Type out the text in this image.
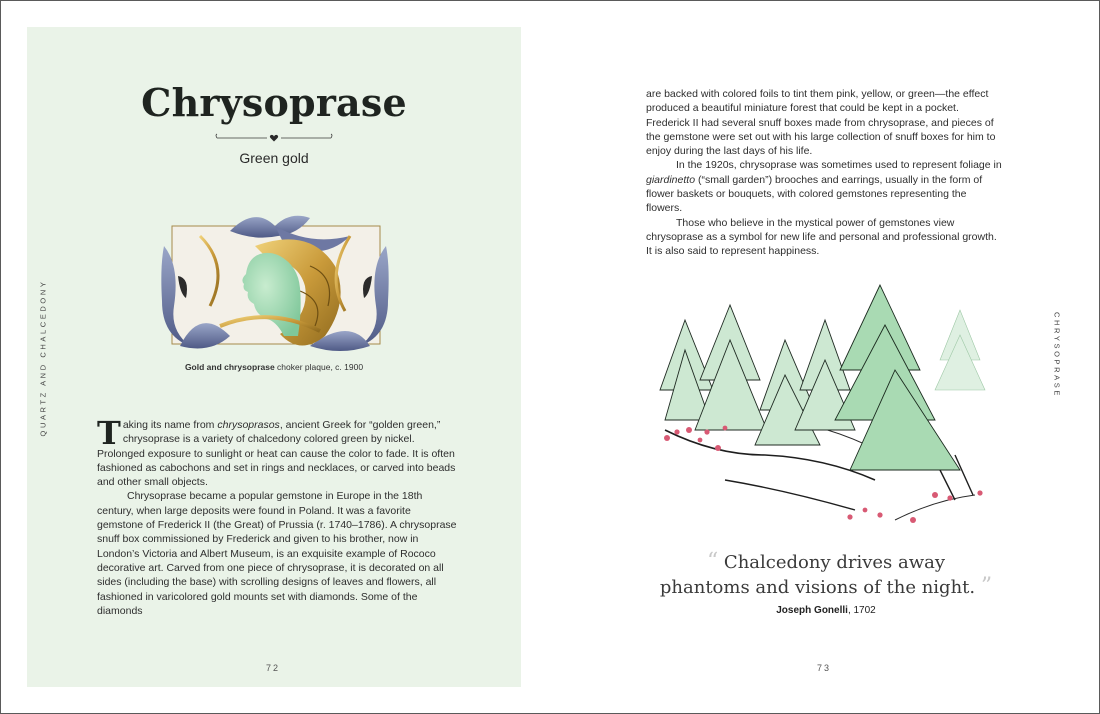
Chrysoprase
Green gold
Gold and chrysoprase choker plaque, c. 1900
QUARTZ AND CHALCEDONY Taking its name from chrysoprasos, ancient Greek for “golden green,” chrysoprase is a variety of chalcedony colored green by nickel. Prolonged exposure to sunlight or heat can cause the color to fade. It is often fashioned as cabochons and set in rings and necklaces, or carved into beads and other small objects.

Chrysoprase became a popular gemstone in Europe in the 18th century, when large deposits were found in Poland. It was a favorite gemstone of Frederick II (the Great) of Prussia (r. 1740–1786). A chrysoprase snuff box commissioned by Frederick and given to his brother, now in London’s Victoria and Albert Museum, is an exquisite example of Rococo decorative art. Carved from one piece of chrysoprase, it is decorated on all sides (including the base) with scrolling designs of leaves and flowers, all fashioned in varicolored gold mounts set with diamonds. Some of the diamonds

72

are backed with colored foils to tint them pink, yellow, or green—the effect produced a beautiful miniature forest that could be kept in a pocket. Frederick II had several snuff boxes made from chrysoprase, and pieces of the gemstone were set out with his large collection of snuff boxes for him to enjoy during the last days of his life.

In the 1920s, chrysoprase was sometimes used to represent foliage in giardinetto (“small garden”) brooches and earrings, usually in the form of flower baskets or bouquets, with colored gemstones representing the flowers.

Those who believe in the mystical power of gemstones view chrysoprase as a symbol for new life and personal and professional growth. It is also said to represent happiness.

CHRYSOPRASE
“ Chalcedony drives away
phantoms and visions of the night. ”
Joseph Gonelli, 1702
73
